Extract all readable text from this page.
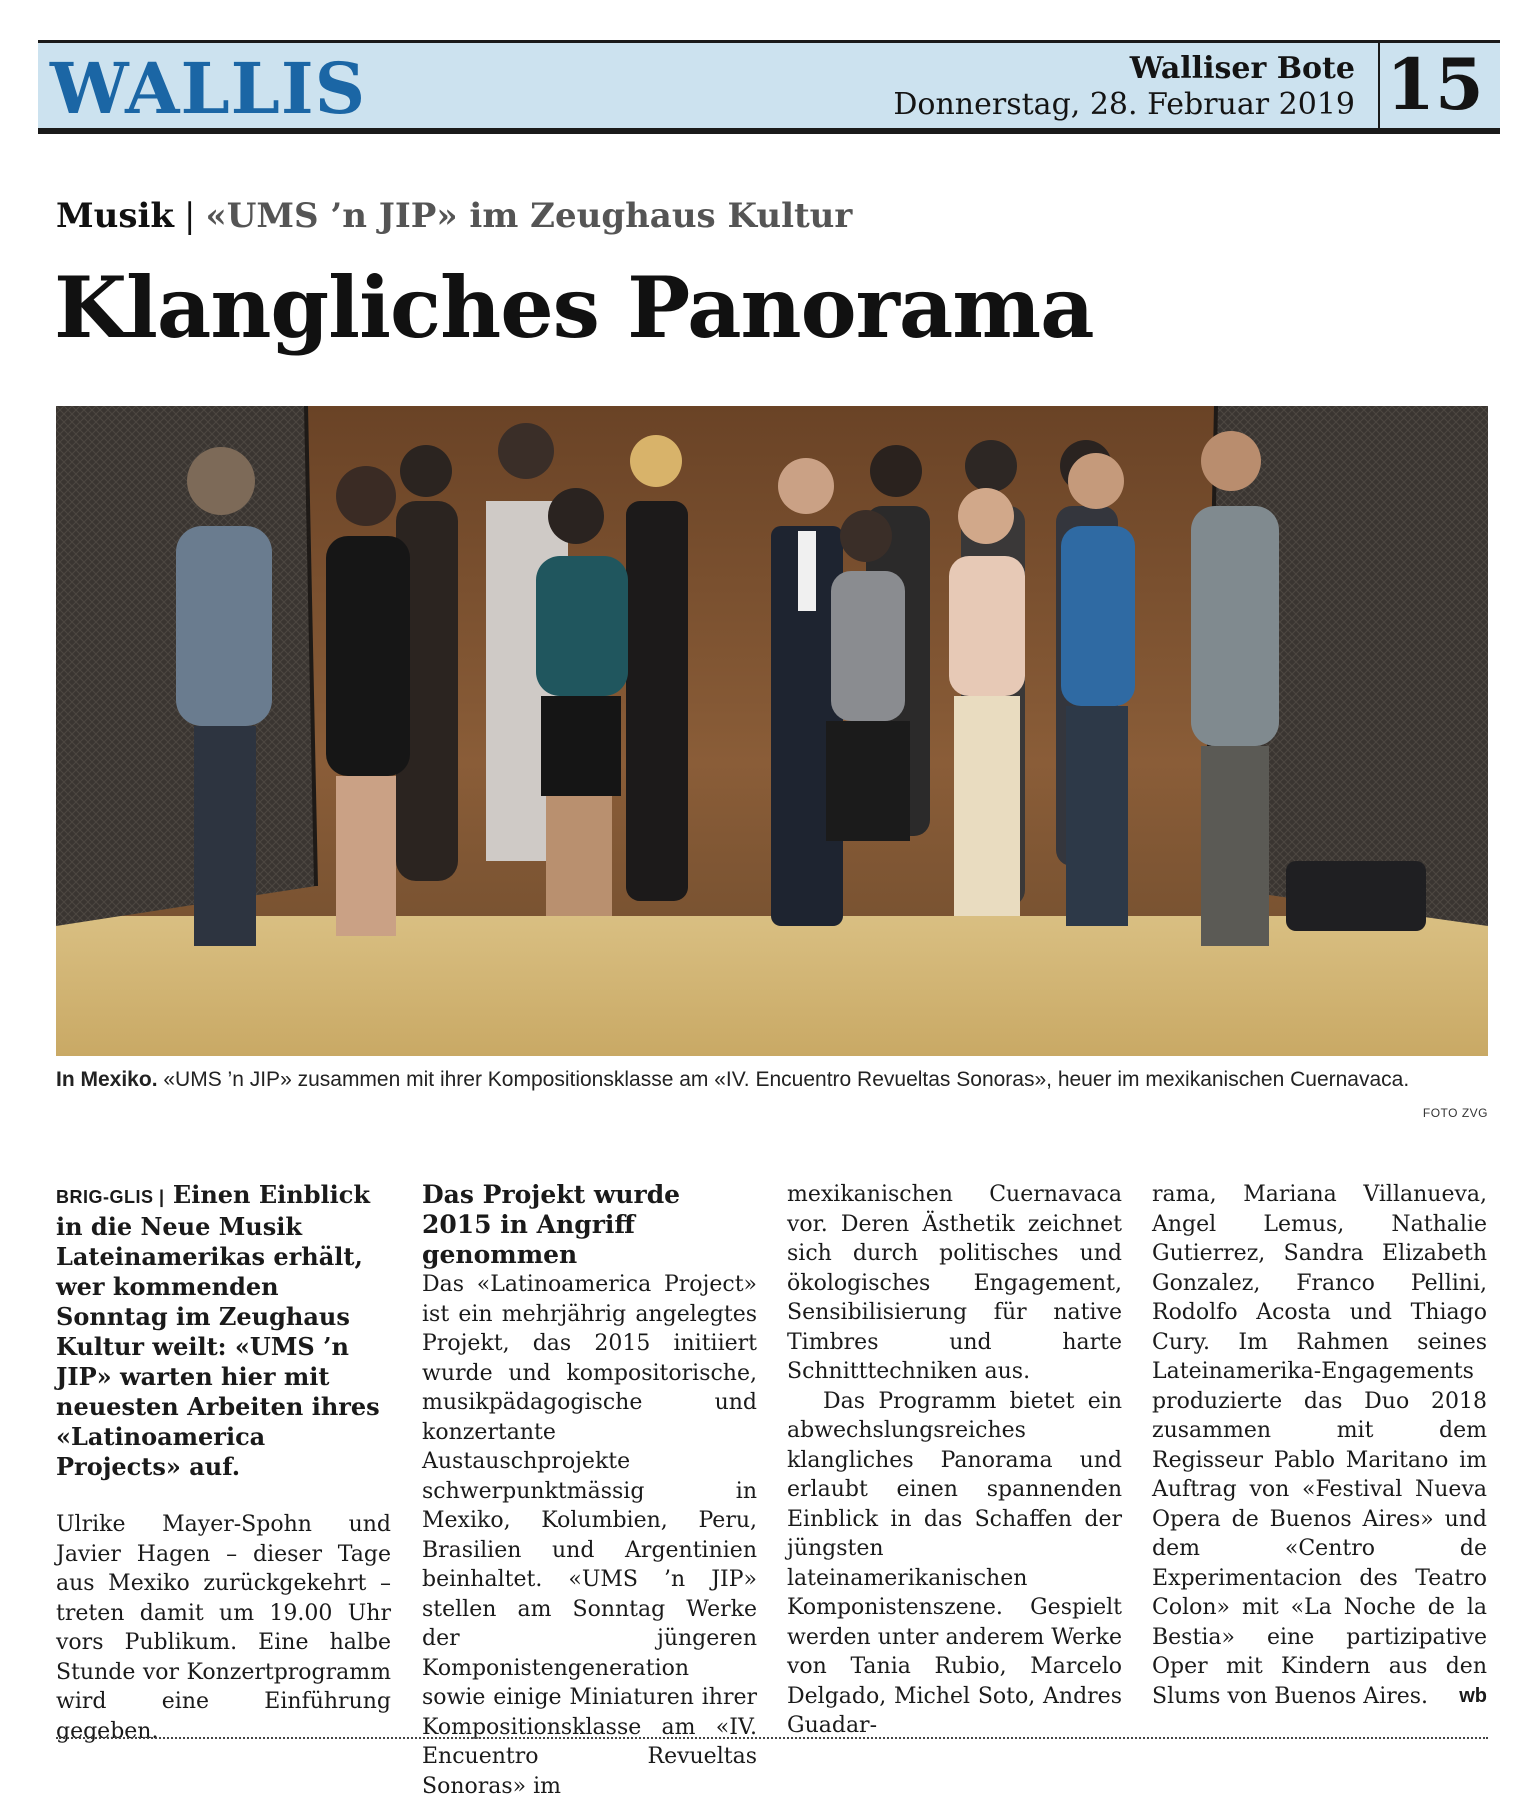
WALLIS	Walliser Bote
Donnerstag, 28. Februar 2019 15
Musik | «UMS ’n JIP» im Zeughaus Kultur
Klangliches Panorama
In Mexiko. «UMS ’n JIP» zusammen mit ihrer Kompositionsklasse am «IV. Encuentro Revueltas Sonoras», heuer im mexikanischen Cuernavaca.
FOTO ZVG

BRIG-GLIS | Einen Einblick in die Neue Musik Lateinamerikas erhält, wer kommenden Sonntag im Zeughaus Kultur weilt: «UMS ’n JIP» warten hier mit neuesten Arbeiten ihres «Latinoamerica Projects» auf.

Ulrike Mayer-Spohn und Javier Hagen – dieser Tage aus Mexiko zurückgekehrt – treten damit um 19.00 Uhr vors Publikum. Eine halbe Stunde vor Konzertprogramm wird eine Einführung gegeben.

Das Projekt wurde 2015 in Angriff genommen

Das «Latinoamerica Project» ist ein mehrjährig angelegtes Projekt, das 2015 initiiert wurde und kompositorische, musikpädagogische und konzertante Austauschprojekte schwerpunktmässig in Mexiko, Kolumbien, Peru, Brasilien und Argentinien beinhaltet. «UMS ’n JIP» stellen am Sonntag Werke der jüngeren Komponistengeneration sowie einige Miniaturen ihrer Kompositionsklasse am «IV. Encuentro Revueltas Sonoras» im

mexikanischen Cuernavaca vor. Deren Ästhetik zeichnet sich durch politisches und ökologisches Engagement, Sensibilisierung für native Timbres und harte Schnitttechniken aus.

Das Programm bietet ein abwechslungsreiches klangliches Panorama und erlaubt einen spannenden Einblick in das Schaffen der jüngsten lateinamerikanischen Komponistenszene. Gespielt werden unter anderem Werke von Tania Rubio, Marcelo Delgado, Michel Soto, Andres Guadar-

rama, Mariana Villanueva, Angel Lemus, Nathalie Gutierrez, Sandra Elizabeth Gonzalez, Franco Pellini, Rodolfo Acosta und Thiago Cury. Im Rahmen seines Lateinamerika-Engagements produzierte das Duo 2018 zusammen mit dem Regisseur Pablo Maritano im Auftrag von «Festival Nueva Opera de Buenos Aires» und dem «Centro de Experimentacion des Teatro Colon» mit «La Noche de la Bestia» eine partizipative Oper mit Kindern aus den Slums von Buenos Aires. wb
